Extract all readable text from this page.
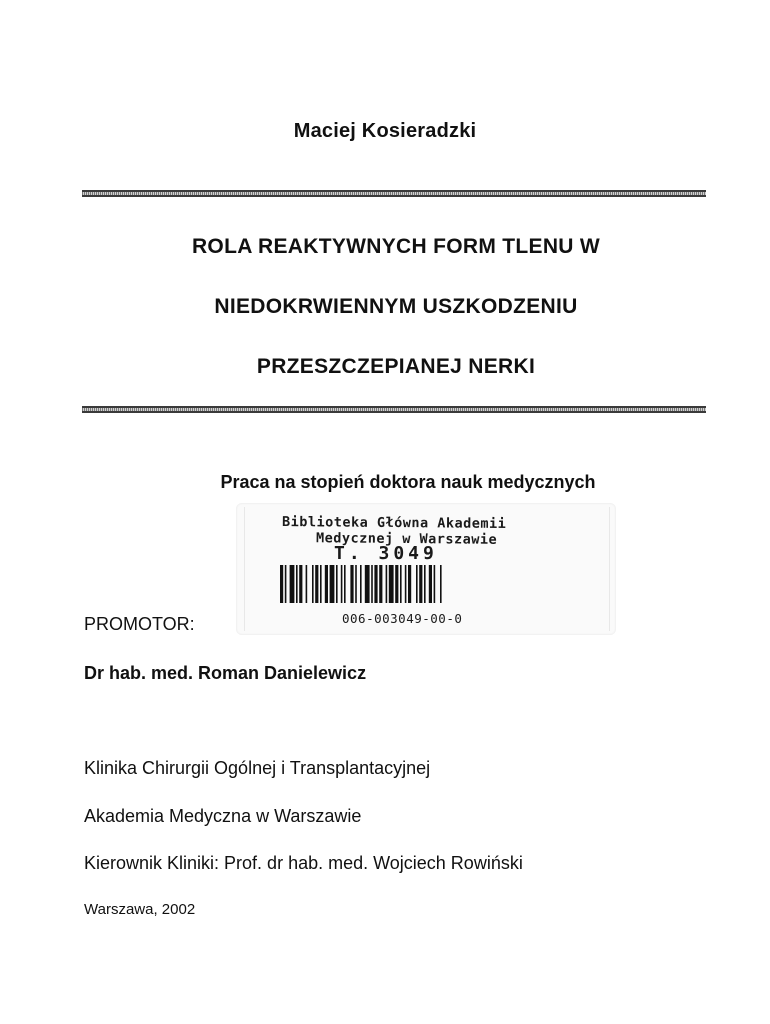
Maciej Kosieradzki
ROLA REAKTYWNYCH FORM TLENU W
NIEDOKRWIENNYM USZKODZENIU
PRZESZCZEPIANEJ NERKI
Praca na stopień doktora nauk medycznych
Biblioteka Główna Akademii
Medycznej w Warszawie
T. 3049
006-003049-00-0
PROMOTOR:
Dr hab. med. Roman Danielewicz
Klinika Chirurgii Ogólnej i Transplantacyjnej
Akademia Medyczna w Warszawie
Kierownik Kliniki: Prof. dr hab. med. Wojciech Rowiński
Warszawa, 2002
